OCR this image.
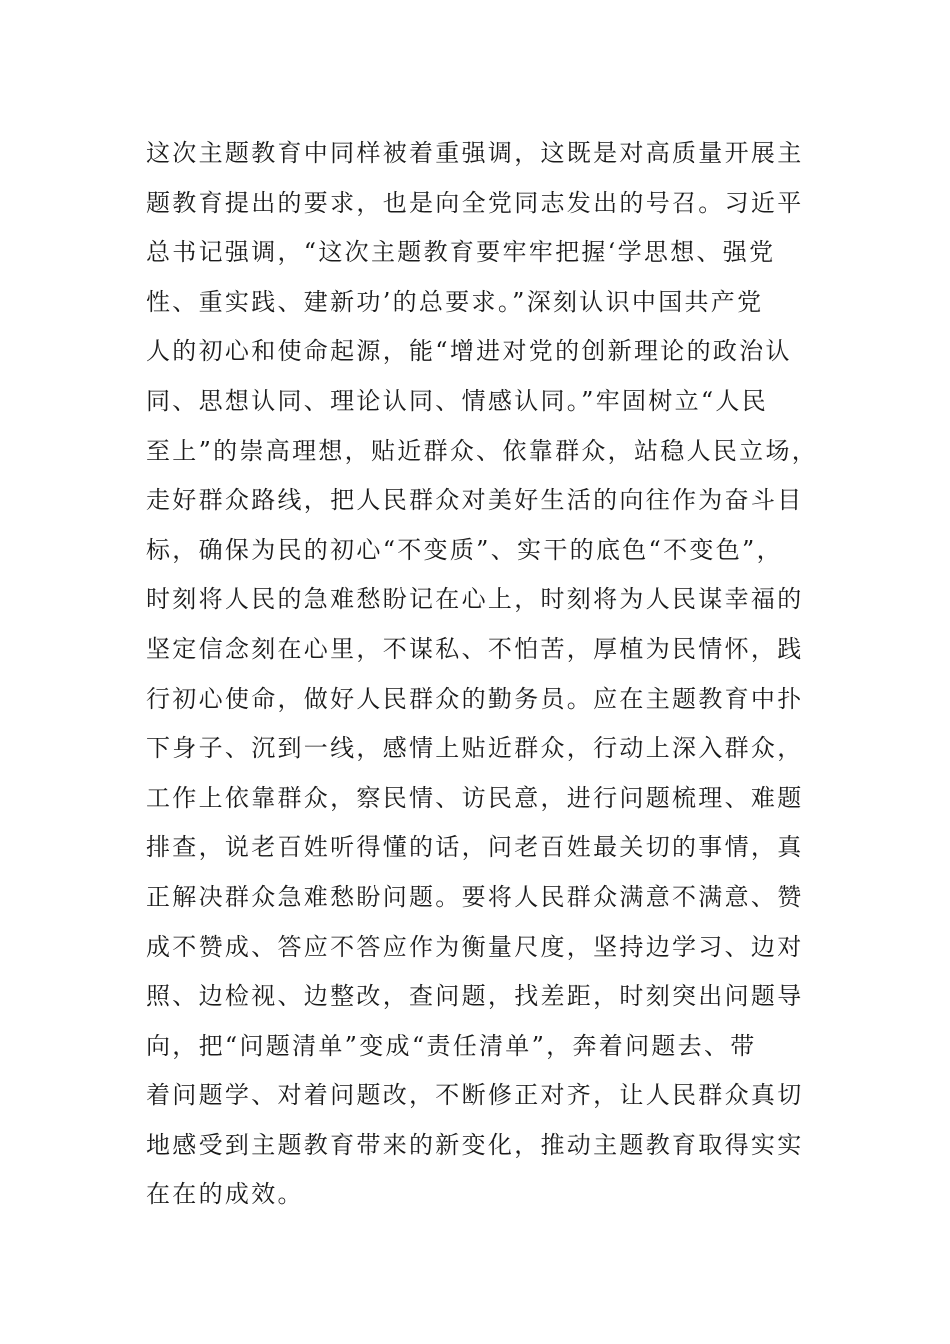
这次主题教育中同样被着重强调，这既是对高质量开展主
题教育提出的要求，也是向全党同志发出的号召。习近平
总书记强调，“这次主题教育要牢牢把握‘学思想、强党
性、重实践、建新功’的总要求。”深刻认识中国共产党
人的初心和使命起源，能“增进对党的创新理论的政治认
同、思想认同、理论认同、情感认同。”牢固树立“人民
至上”的崇高理想，贴近群众、依靠群众，站稳人民立场，
走好群众路线，把人民群众对美好生活的向往作为奋斗目
标，确保为民的初心“不变质”、实干的底色“不变色”，
时刻将人民的急难愁盼记在心上，时刻将为人民谋幸福的
坚定信念刻在心里，不谋私、不怕苦，厚植为民情怀，践
行初心使命，做好人民群众的勤务员。应在主题教育中扑
下身子、沉到一线，感情上贴近群众，行动上深入群众，
工作上依靠群众，察民情、访民意，进行问题梳理、难题
排查，说老百姓听得懂的话，问老百姓最关切的事情，真
正解决群众急难愁盼问题。要将人民群众满意不满意、赞
成不赞成、答应不答应作为衡量尺度，坚持边学习、边对
照、边检视、边整改，查问题，找差距，时刻突出问题导
向，把“问题清单”变成“责任清单”，奔着问题去、带
着问题学、对着问题改，不断修正对齐，让人民群众真切
地感受到主题教育带来的新变化，推动主题教育取得实实
在在的成效。
